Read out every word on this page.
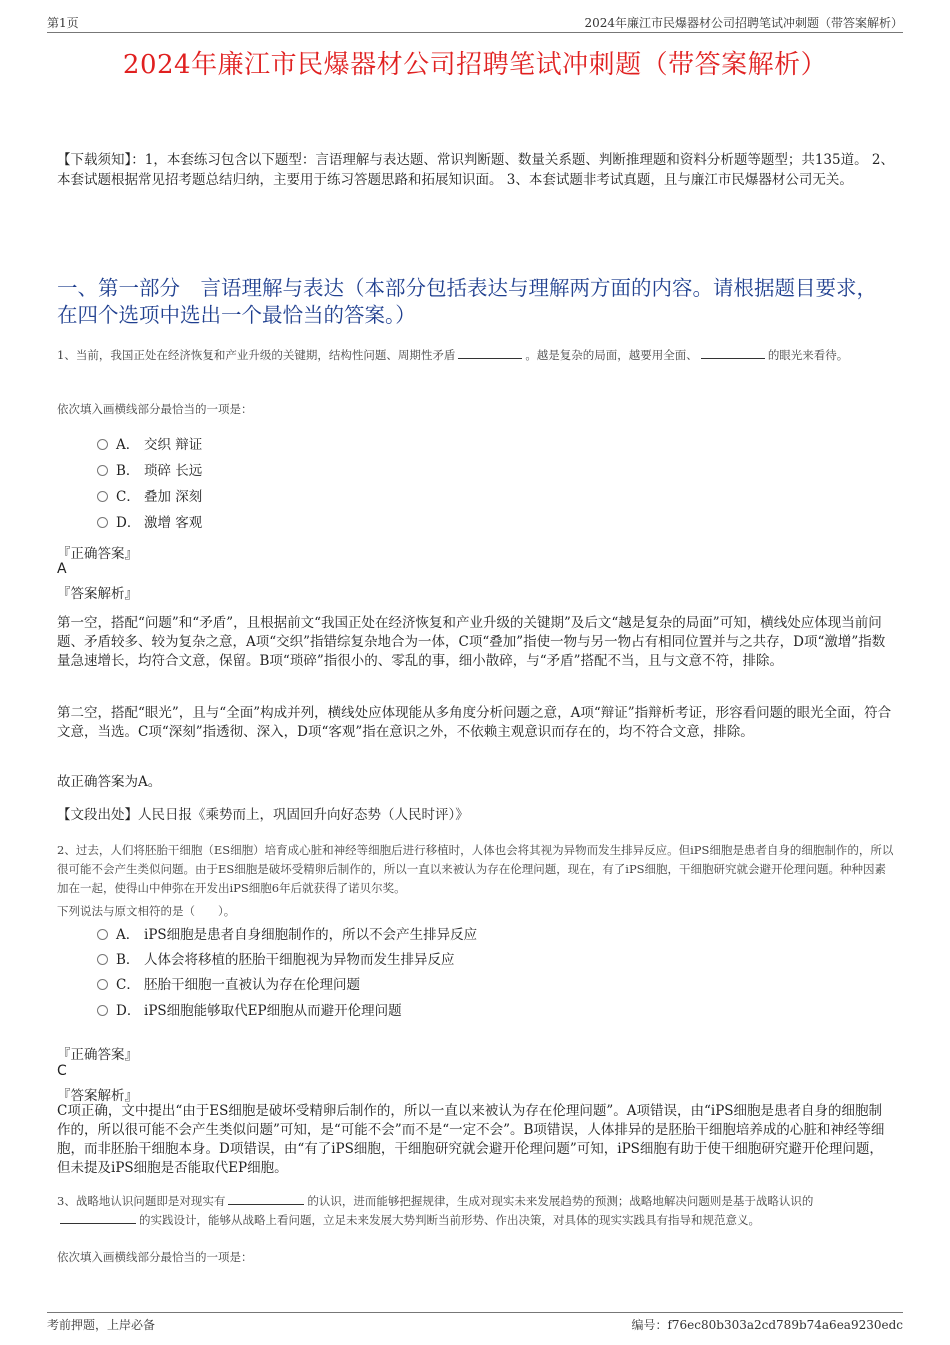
第1页	2024年廉江市民爆器材公司招聘笔试冲刺题（带答案解析）
2024年廉江市民爆器材公司招聘笔试冲刺题（带答案解析）
【下载须知】：1，本套练习包含以下题型：言语理解与表达题、常识判断题、数量关系题、判断推理题和资料分析题等题型；共135道。 2、本套试题根据常见招考题总结归纳，主要用于练习答题思路和拓展知识面。 3、本套试题非考试真题，且与廉江市民爆器材公司无关。
一、第一部分　言语理解与表达（本部分包括表达与理解两方面的内容。请根据题目要求，在四个选项中选出一个最恰当的答案。）
1、当前，我国正处在经济恢复和产业升级的关键期，结构性问题、周期性矛盾	。越是复杂的局面，越要用全面、	的眼光来看待。
依次填入画横线部分最恰当的一项是：
A． 交织 辩证
B． 琐碎 长远
C． 叠加 深刻
D． 激增 客观
『正确答案』
A
『答案解析』
第一空，搭配“问题”和“矛盾”，且根据前文“我国正处在经济恢复和产业升级的关键期”及后文“越是复杂的局面”可知，横线处应体现当前问题、矛盾较多、较为复杂之意，A项“交织”指错综复杂地合为一体，C项“叠加”指使一物与另一物占有相同位置并与之共存，D项“激增”指数量急速增长，均符合文意，保留。B项“琐碎”指很小的、零乱的事，细小散碎，与“矛盾”搭配不当，且与文意不符，排除。
第二空，搭配“眼光”，且与“全面”构成并列，横线处应体现能从多角度分析问题之意，A项“辩证”指辩析考证，形容看问题的眼光全面，符合文意，当选。C项“深刻”指透彻、深入，D项“客观”指在意识之外，不依赖主观意识而存在的，均不符合文意，排除。
故正确答案为A。
【文段出处】人民日报《乘势而上，巩固回升向好态势（人民时评）》
2、过去，人们将胚胎干细胞（ES细胞）培育成心脏和神经等细胞后进行移植时，人体也会将其视为异物而发生排异反应。但iPS细胞是患者自身的细胞制作的，所以很可能不会产生类似问题。由于ES细胞是破坏受精卵后制作的，所以一直以来被认为存在伦理问题，现在，有了iPS细胞，干细胞研究就会避开伦理问题。种种因素加在一起，使得山中伸弥在开发出iPS细胞6年后就获得了诺贝尔奖。
下列说法与原文相符的是（　　）。
A． iPS细胞是患者自身细胞制作的，所以不会产生排异反应
B． 人体会将移植的胚胎干细胞视为异物而发生排异反应
C． 胚胎干细胞一直被认为存在伦理问题
D． iPS细胞能够取代EP细胞从而避开伦理问题
『正确答案』
C
『答案解析』
C项正确，文中提出“由于ES细胞是破坏受精卵后制作的，所以一直以来被认为存在伦理问题”。A项错误，由“iPS细胞是患者自身的细胞制作的，所以很可能不会产生类似问题”可知，是“可能不会”而不是“一定不会”。B项错误，人体排异的是胚胎干细胞培养成的心脏和神经等细胞，而非胚胎干细胞本身。D项错误，由“有了iPS细胞，干细胞研究就会避开伦理问题”可知，iPS细胞有助于使干细胞研究避开伦理问题，但未提及iPS细胞是否能取代EP细胞。
3、战略地认识问题即是对现实有	的认识，进而能够把握规律，生成对现实未来发展趋势的预测；战略地解决问题则是基于战略认识的的实践设计，能够从战略上看问题，立足未来发展大势判断当前形势、作出决策，对具体的现实实践具有指导和规范意义。
依次填入画横线部分最恰当的一项是：
考前押题，上岸必备	编号：f76ec80b303a2cd789b74a6ea9230edc
